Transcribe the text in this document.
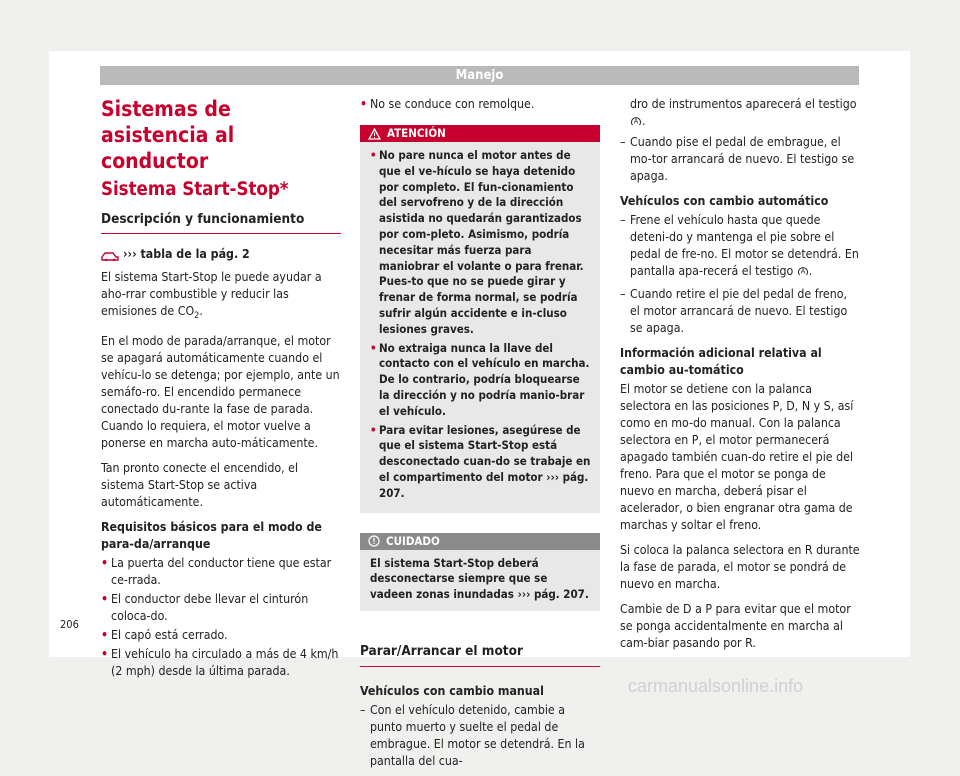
Manejo
Sistemas de asistencia al conductor
Sistema Start-Stop*
Descripción y funcionamiento
››› tabla de la pág. 2

El sistema Start-Stop le puede ayudar a aho-rrar combustible y reducir las emisiones de $CO_2$.

En el modo de parada/arranque, el motor se apagará automáticamente cuando el vehícu-lo se detenga; por ejemplo, ante un semáfo-ro. El encendido permanece conectado du-rante la fase de parada. Cuando lo requiera, el motor vuelve a ponerse en marcha auto-máticamente.

Tan pronto conecte el encendido, el sistema Start-Stop se activa automáticamente.

Requisitos básicos para el modo de para-da/arranque
• La puerta del conductor tiene que estar ce-rrada.
• El conductor debe llevar el cinturón coloca-do.
• El capó está cerrado.
• El vehículo ha circulado a más de 4 km/h (2 mph) desde la última parada.
• No se conduce con remolque.
ATENCIÓN
• No pare nunca el motor antes de que el ve-hículo se haya detenido por completo. El fun-cionamiento del servofreno y de la dirección asistida no quedarán garantizados por com-pleto. Asimismo, podría necesitar más fuerza para maniobrar el volante o para frenar. Pues-to que no se puede girar y frenar de forma normal, se podría sufrir algún accidente e in-cluso lesiones graves.
• No extraiga nunca la llave del contacto con el vehículo en marcha. De lo contrario, podría bloquearse la dirección y no podría manio-brar el vehículo.
• Para evitar lesiones, asegúrese de que el sistema Start-Stop está desconectado cuan-do se trabaje en el compartimento del motor ››› pág. 207.
CUIDADO
El sistema Start-Stop deberá desconectarse siempre que se vadeen zonas inundadas ››› pág. 207.
Parar/Arrancar el motor
Vehículos con cambio manual
– Con el vehículo detenido, cambie a punto muerto y suelte el pedal de embrague. El motor se detendrá. En la pantalla del cua-
dro de instrumentos aparecerá el testigo
A .
– Cuando pise el pedal de embrague, el mo-tor arrancará de nuevo. El testigo se apaga.
Vehículos con cambio automático
– Frene el vehículo hasta que quede deteni-do y mantenga el pie sobre el pedal de fre-no. El motor se detendrá. En pantalla apa-recerá el testigo A .
– Cuando retire el pie del pedal de freno, el motor arrancará de nuevo. El testigo se apaga.
Información adicional relativa al cambio au-tomático

El motor se detiene con la palanca selectora en las posiciones P, D, N y S, así como en mo-do manual. Con la palanca selectora en P, el motor permanecerá apagado también cuan-do retire el pie del freno. Para que el motor se ponga de nuevo en marcha, deberá pisar el acelerador, o bien engranar otra gama de marchas y soltar el freno.

Si coloca la palanca selectora en R durante la fase de parada, el motor se pondrá de nuevo en marcha.

Cambie de D a P para evitar que el motor se ponga accidentalmente en marcha al cam-biar pasando por R.

206
carmanualsonline.info
